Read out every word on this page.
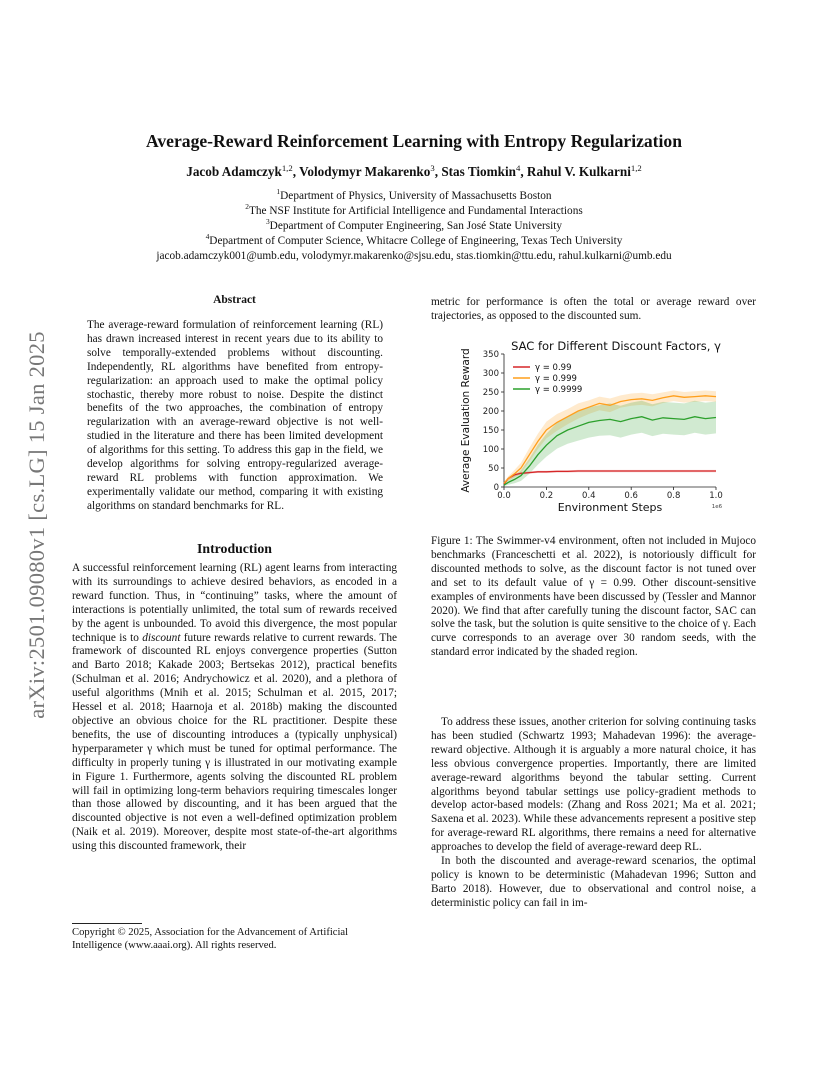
arXiv:2501.09080v1 [cs.LG] 15 Jan 2025
Average-Reward Reinforcement Learning with Entropy Regularization
Jacob Adamczyk$^{1,2}$, Volodymyr Makarenko$^3$, Stas Tiomkin$^4$, Rahul V. Kulkarni$^{1,2}$
$^1$Department of Physics, University of Massachusetts Boston
$^2$The NSF Institute for Artificial Intelligence and Fundamental Interactions
$^3$Department of Computer Engineering, San José State University
$^4$Department of Computer Science, Whitacre College of Engineering, Texas Tech University
jacob.adamczyk001@umb.edu, volodymyr.makarenko@sjsu.edu, stas.tiomkin@ttu.edu, rahul.kulkarni@umb.edu
Abstract

The average-reward formulation of reinforcement learning (RL) has drawn increased interest in recent years due to its ability to solve temporally-extended problems without discounting. Independently, RL algorithms have benefited from entropy-regularization: an approach used to make the optimal policy stochastic, thereby more robust to noise. Despite the distinct benefits of the two approaches, the combination of entropy regularization with an average-reward objective is not well-studied in the literature and there has been limited development of algorithms for this setting. To address this gap in the field, we develop algorithms for solving entropy-regularized average-reward RL problems with function approximation. We experimentally validate our method, comparing it with existing algorithms on standard benchmarks for RL.

Introduction

A successful reinforcement learning (RL) agent learns from interacting with its surroundings to achieve desired behaviors, as encoded in a reward function. Thus, in “continuing” tasks, where the amount of interactions is potentially unlimited, the total sum of rewards received by the agent is unbounded. To avoid this divergence, the most popular technique is to discount future rewards relative to current rewards. The framework of discounted RL enjoys convergence properties (Sutton and Barto 2018; Kakade 2003; Bertsekas 2012), practical benefits (Schulman et al. 2016; Andrychowicz et al. 2020), and a plethora of useful algorithms (Mnih et al. 2015; Schulman et al. 2015, 2017; Hessel et al. 2018; Haarnoja et al. 2018b) making the discounted objective an obvious choice for the RL practitioner. Despite these benefits, the use of discounting introduces a (typically unphysical) hyperparameter γ which must be tuned for optimal performance. The difficulty in properly tuning γ is illustrated in our motivating example in Figure 1. Furthermore, agents solving the discounted RL problem will fail in optimizing long-term behaviors requiring timescales longer than those allowed by discounting, and it has been argued that the discounted objective is not even a well-defined optimization problem (Naik et al. 2019). Moreover, despite most state-of-the-art algorithms using this discounted framework, their

Copyright © 2025, Association for the Advancement of Artificial Intelligence (www.aaai.org). All rights reserved.

metric for performance is often the total or average reward over trajectories, as opposed to the discounted sum.

0.0	0.2	0.4	0.6	0.8	1.0
0
50
100
150
200
250
300
350
1e6
SAC for Different Discount Factors, γ
Environment Steps
Average Evaluation Reward	γ = 0.99
γ = 0.999
γ = 0.9999

Figure 1: The Swimmer-v4 environment, often not included in Mujoco benchmarks (Franceschetti et al. 2022), is notoriously difficult for discounted methods to solve, as the discount factor is not tuned over and set to its default value of γ = 0.99. Other discount-sensitive examples of environments have been discussed by (Tessler and Mannor 2020). We find that after carefully tuning the discount factor, SAC can solve the task, but the solution is quite sensitive to the choice of γ. Each curve corresponds to an average over 30 random seeds, with the standard error indicated by the shaded region.

To address these issues, another criterion for solving continuing tasks has been studied (Schwartz 1993; Mahadevan 1996): the average-reward objective. Although it is arguably a more natural choice, it has less obvious convergence properties. Importantly, there are limited average-reward algorithms beyond the tabular setting. Current algorithms beyond tabular settings use policy-gradient methods to develop actor-based models: (Zhang and Ross 2021; Ma et al. 2021; Saxena et al. 2023). While these advancements represent a positive step for average-reward RL algorithms, there remains a need for alternative approaches to develop the field of average-reward deep RL.

In both the discounted and average-reward scenarios, the optimal policy is known to be deterministic (Mahadevan 1996; Sutton and Barto 2018). However, due to observational and control noise, a deterministic policy can fail in im-
